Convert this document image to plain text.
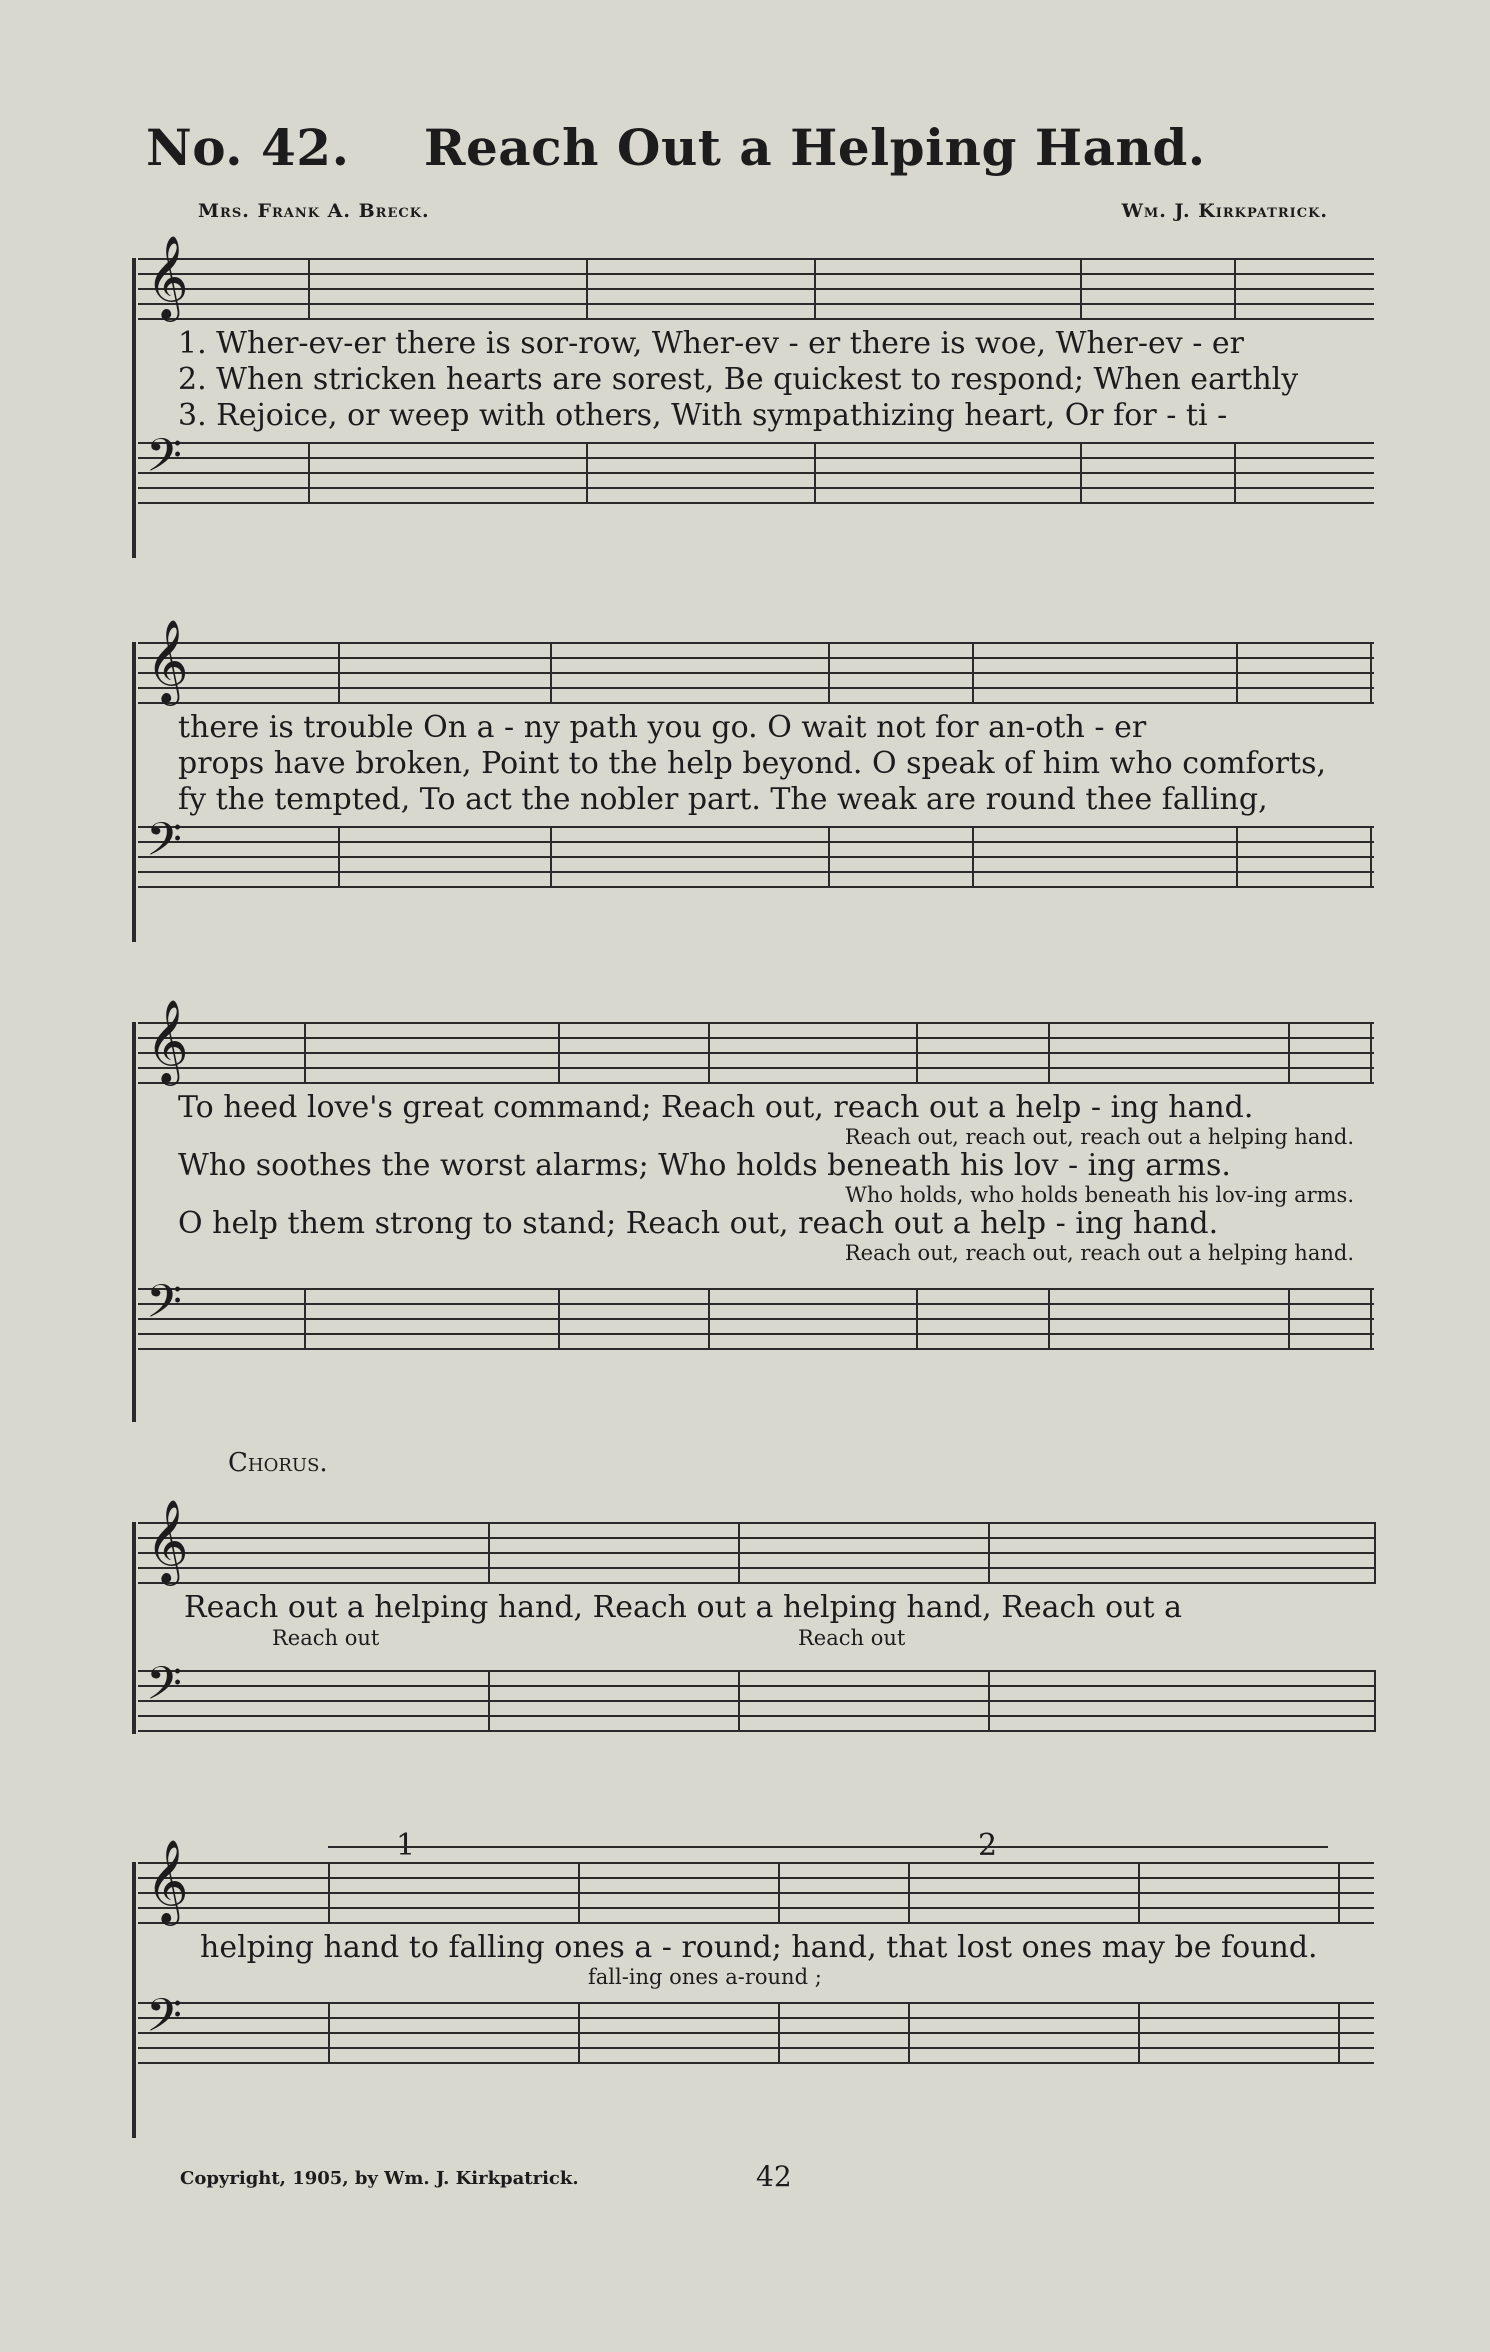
No. 42. Reach Out a Helping Hand.
Mrs. Frank A. Breck.	Wm. J. Kirkpatrick.
𝄞
1. Wher-ev-er there is sor-row, Wher-ev - er there is woe, Wher-ev - er
2. When stricken hearts are sorest, Be quickest to respond; When earthly
3. Rejoice, or weep with others, With sympathizing heart, Or for - ti -
𝄢
𝄞
there is trouble On a - ny path you go. O wait not for an-oth - er
props have broken, Point to the help beyond. O speak of him who comforts,
fy the tempted, To act the nobler part. The weak are round thee falling,
𝄢
𝄞
To heed love's great command; Reach out, reach out a help - ing hand.
Reach out, reach out, reach out a helping hand.
Who soothes the worst alarms; Who holds beneath his lov - ing arms.
Who holds, who holds beneath his lov-ing arms.
O help them strong to stand; Reach out, reach out a help - ing hand.
Reach out, reach out, reach out a helping hand.
𝄢
Chorus.
𝄞
Reach out a helping hand, Reach out a helping hand, Reach out a
Reach out	Reach out
𝄢
𝄞
helping hand to falling ones a - round; hand, that lost ones may be found.
fall-ing ones a-round ;
𝄢
Copyright, 1905, by Wm. J. Kirkpatrick.	42
